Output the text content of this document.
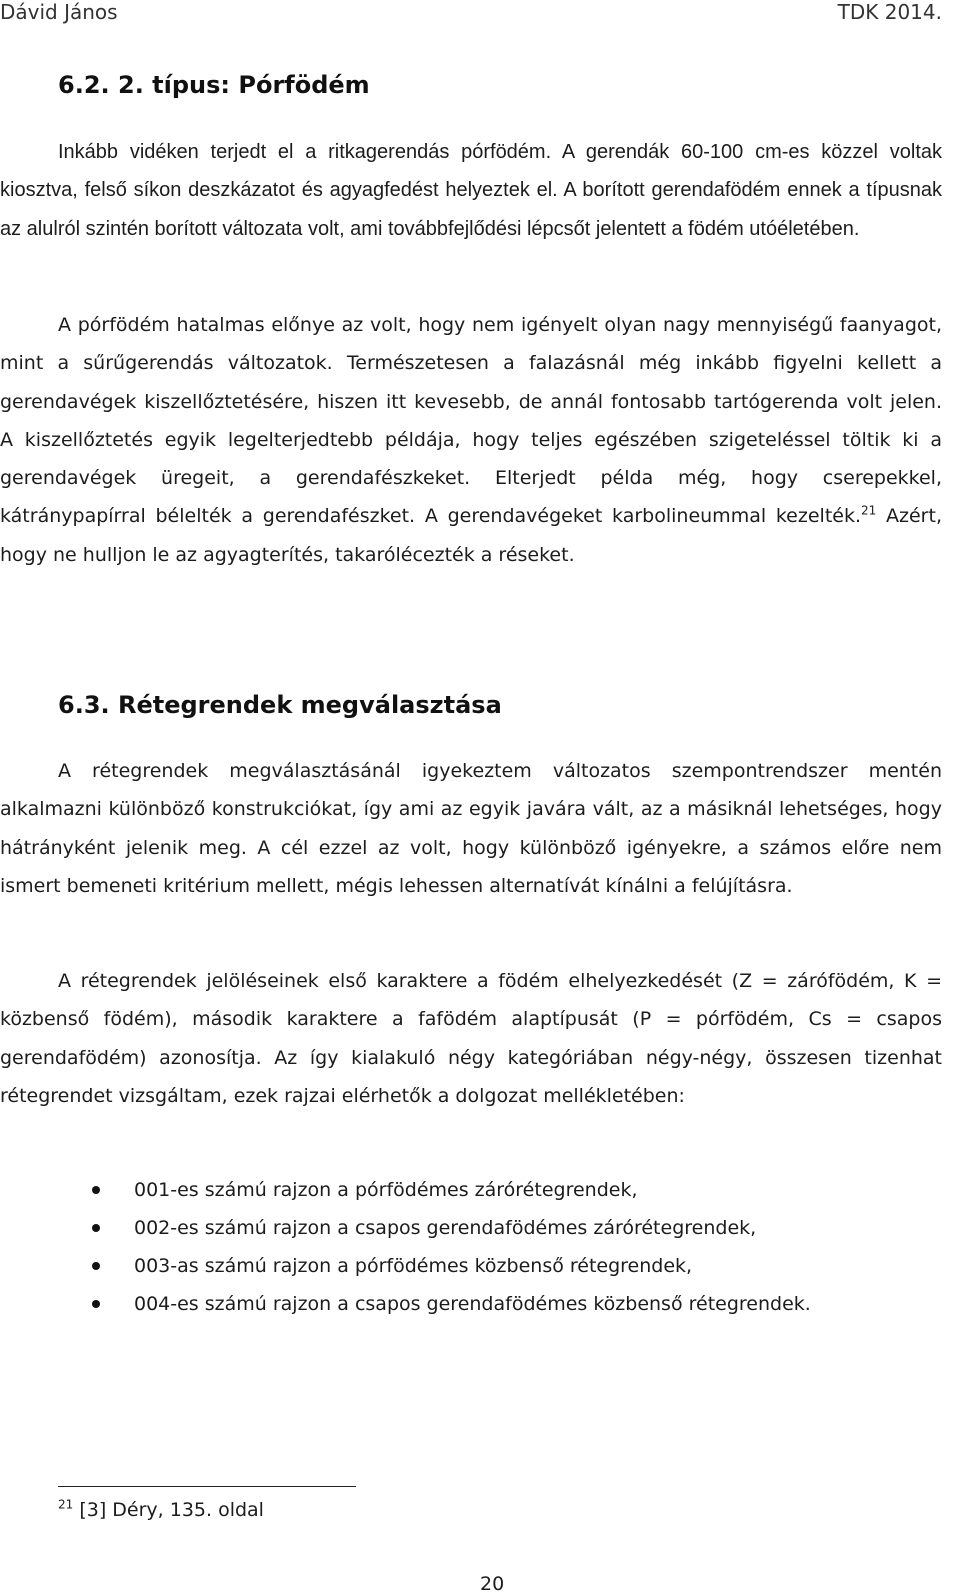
Dávid János	TDK 2014.
6.2. 2. típus: Pórfödém
Inkább vidéken terjedt el a ritkagerendás pórfödém. A gerendák 60-100 cm-es közzel voltak kiosztva, felső síkon deszkázatot és agyagfedést helyeztek el. A borított gerendafödém ennek a típusnak az alulról szintén borított változata volt, ami továbbfejlődési lépcsőt jelentett a födém utóéletében.
A pórfödém hatalmas előnye az volt, hogy nem igényelt olyan nagy mennyiségű faanyagot, mint a sűrűgerendás változatok. Természetesen a falazásnál még inkább figyelni kellett a gerendavégek kiszellőztetésére, hiszen itt kevesebb, de annál fontosabb tartógerenda volt jelen. A kiszellőztetés egyik legelterjedtebb példája, hogy teljes egészében szigeteléssel töltik ki a gerendavégek üregeit, a gerendafészkeket. Elterjedt példa még, hogy cserepekkel, kátránypapírral bélelték a gerendafészket. A gerendavégeket karbolineummal kezelték.$^{21}$ Azért, hogy ne hulljon le az agyagterítés, takarólécezték a réseket.
6.3. Rétegrendek megválasztása
A rétegrendek megválasztásánál igyekeztem változatos szempontrendszer mentén alkalmazni különböző konstrukciókat, így ami az egyik javára vált, az a másiknál lehetséges, hogy hátrányként jelenik meg. A cél ezzel az volt, hogy különböző igényekre, a számos előre nem ismert bemeneti kritérium mellett, mégis lehessen alternatívát kínálni a felújításra.
A rétegrendek jelöléseinek első karaktere a födém elhelyezkedését (Z = zárófödém, K = közbenső födém), második karaktere a fafödém alaptípusát (P = pórfödém, Cs = csapos gerendafödém) azonosítja. Az így kialakuló négy kategóriában négy-négy, összesen tizenhat rétegrendet vizsgáltam, ezek rajzai elérhetők a dolgozat mellékletében:
001-es számú rajzon a pórfödémes zárórétegrendek,
002-es számú rajzon a csapos gerendafödémes zárórétegrendek,
003-as számú rajzon a pórfödémes közbenső rétegrendek,
004-es számú rajzon a csapos gerendafödémes közbenső rétegrendek.
$^{21}$ [3] Déry, 135. oldal
20
